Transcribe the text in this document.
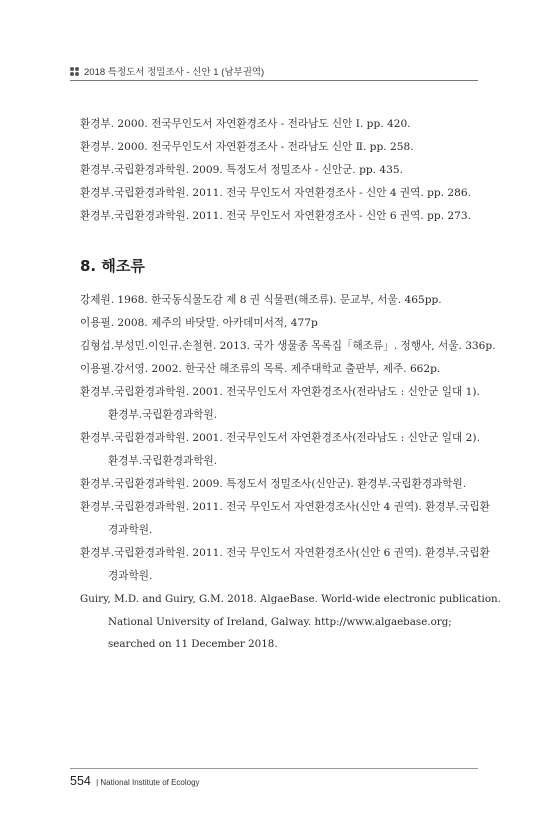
2018 특정도서 정밀조사 - 신안 1 (남부권역)
환경부. 2000. 전국무인도서 자연환경조사 - 전라남도 신안 Ⅰ. pp. 420.
환경부. 2000. 전국무인도서 자연환경조사 - 전라남도 신안 Ⅱ. pp. 258.
환경부.국립환경과학원. 2009. 특정도서 정밀조사 - 신안군. pp. 435.
환경부.국립환경과학원. 2011. 전국 무인도서 자연환경조사 - 신안 4 권역. pp. 286.
환경부.국립환경과학원. 2011. 전국 무인도서 자연환경조사 - 신안 6 권역. pp. 273.
8. 해조류
강제원. 1968. 한국동식물도감 제 8 권 식물편(해조류). 문교부, 서울. 465pp.
이용필. 2008. 제주의 바닷말. 아카데미서적, 477p
김형섭.부성민.이인규.손철현. 2013. 국가 생물종 목록집「해조류」. 정행사, 서울. 336p.
이용필.강서영. 2002. 한국산 해조류의 목록. 제주대학교 출판부, 제주. 662p.
환경부.국립환경과학원. 2001. 전국무인도서 자연환경조사(전라남도 : 신안군 일대 1).
환경부.국립환경과학원.
환경부.국립환경과학원. 2001. 전국무인도서 자연환경조사(전라남도 : 신안군 일대 2).
환경부.국립환경과학원.
환경부.국립환경과학원. 2009. 특정도서 정밀조사(신안군). 환경부.국립환경과학원.
환경부.국립환경과학원. 2011. 전국 무인도서 자연환경조사(신안 4 권역). 환경부.국립환
경과학원.
환경부.국립환경과학원. 2011. 전국 무인도서 자연환경조사(신안 6 권역). 환경부.국립환
경과학원.
Guiry, M.D. and Guiry, G.M. 2018. AlgaeBase. World-wide electronic publication.
National University of Ireland, Galway. http://www.algaebase.org;
searched on 11 December 2018.
554 | National Institute of Ecology
